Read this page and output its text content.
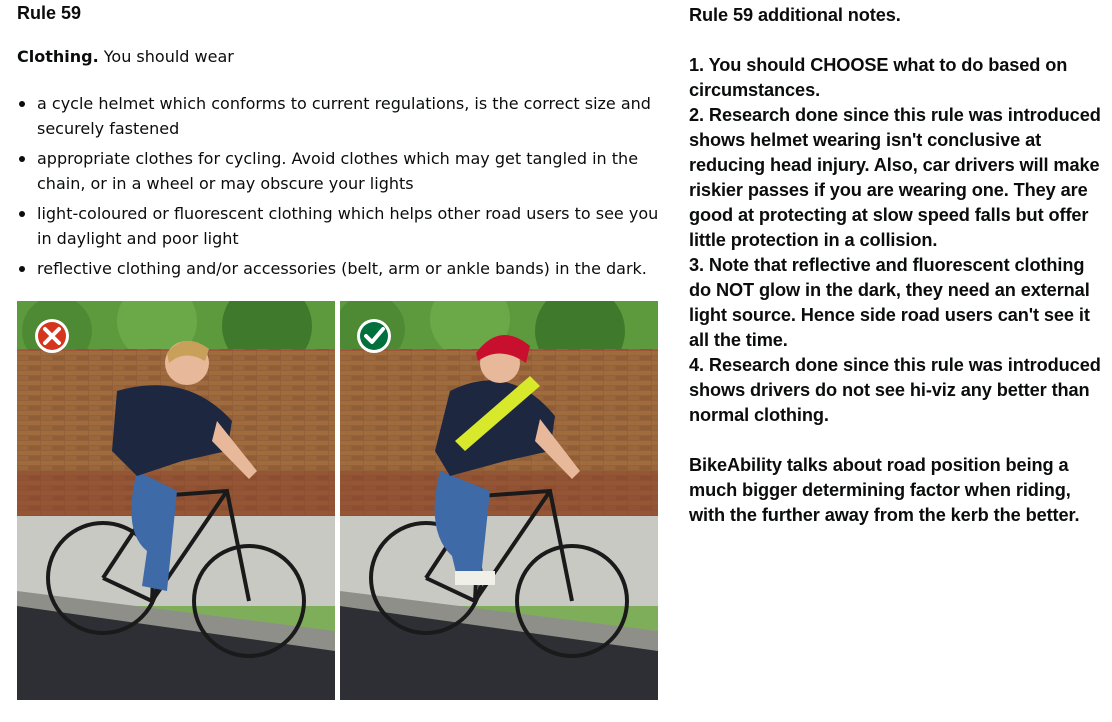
Rule 59
Clothing. You should wear
a cycle helmet which conforms to current regulations, is the correct size and securely fastened
appropriate clothes for cycling. Avoid clothes which may get tangled in the chain, or in a wheel or may obscure your lights
light-coloured or fluorescent clothing which helps other road users to see you in daylight and poor light
reflective clothing and/or accessories (belt, arm or ankle bands) in the dark.

Rule 59 additional notes.

1. You should CHOOSE what to do based on circumstances.

2. Research done since this rule was introduced shows helmet wearing isn't conclusive at reducing head injury. Also, car drivers will make riskier passes if you are wearing one. They are good at protecting at slow speed falls but offer little protection in a collision.

3. Note that reflective and fluorescent clothing do NOT glow in the dark, they need an external light source. Hence side road users can't see it all the time.

4. Research done since this rule was introduced shows drivers do not see hi-viz any better than normal clothing.

BikeAbility talks about road position being a much bigger determining factor when riding, with the further away from the kerb the better.
